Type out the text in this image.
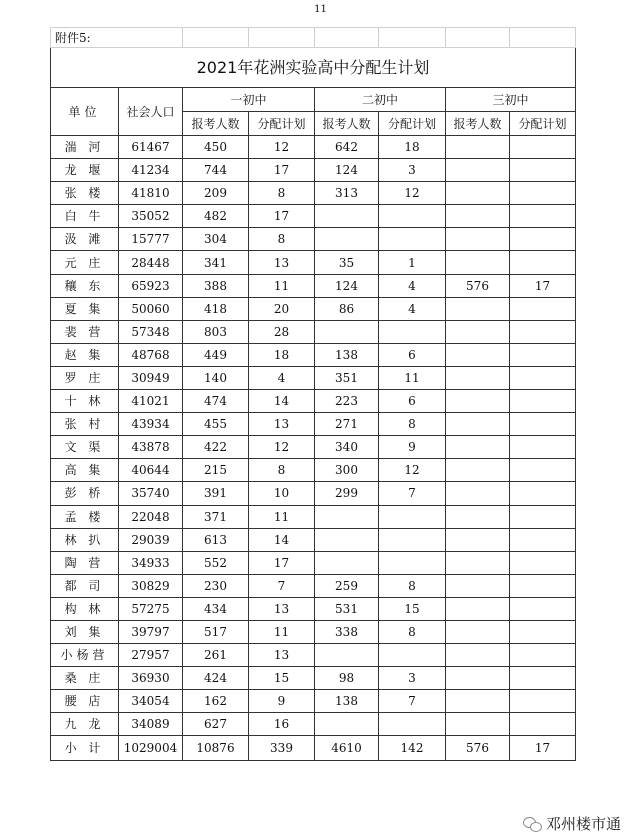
11
附件5:							
2021年花洲实验高中分配生计划							
单位	社会人口	一初中		二初中		三初中	
		报考人数	分配计划	报考人数	分配计划	报考人数	分配计划
湍 河	61467	450	12	642	18		
龙 堰	41234	744	17	124	3		
张 楼	41810	209	8	313	12		
白 牛	35052	482	17				
汲 滩	15777	304	8				
元 庄	28448	341	13	35	1		
穰 东	65923	388	11	124	4	576	17
夏 集	50060	418	20	86	4		
裴 营	57348	803	28				
赵 集	48768	449	18	138	6		
罗 庄	30949	140	4	351	11		
十 林	41021	474	14	223	6		
张 村	43934	455	13	271	8		
文 渠	43878	422	12	340	9		
高 集	40644	215	8	300	12		
彭 桥	35740	391	10	299	7		
孟 楼	22048	371	11				
林 扒	29039	613	14				
陶 营	34933	552	17				
都 司	30829	230	7	259	8		
构 林	57275	434	13	531	15		
刘 集	39797	517	11	338	8		
小杨营	27957	261	13				
桑 庄	36930	424	15	98	3		
腰 店	34054	162	9	138	7		
九 龙	34089	627	16				
小 计	1029004	10876	339	4610	142	576	17
邓州楼市通
